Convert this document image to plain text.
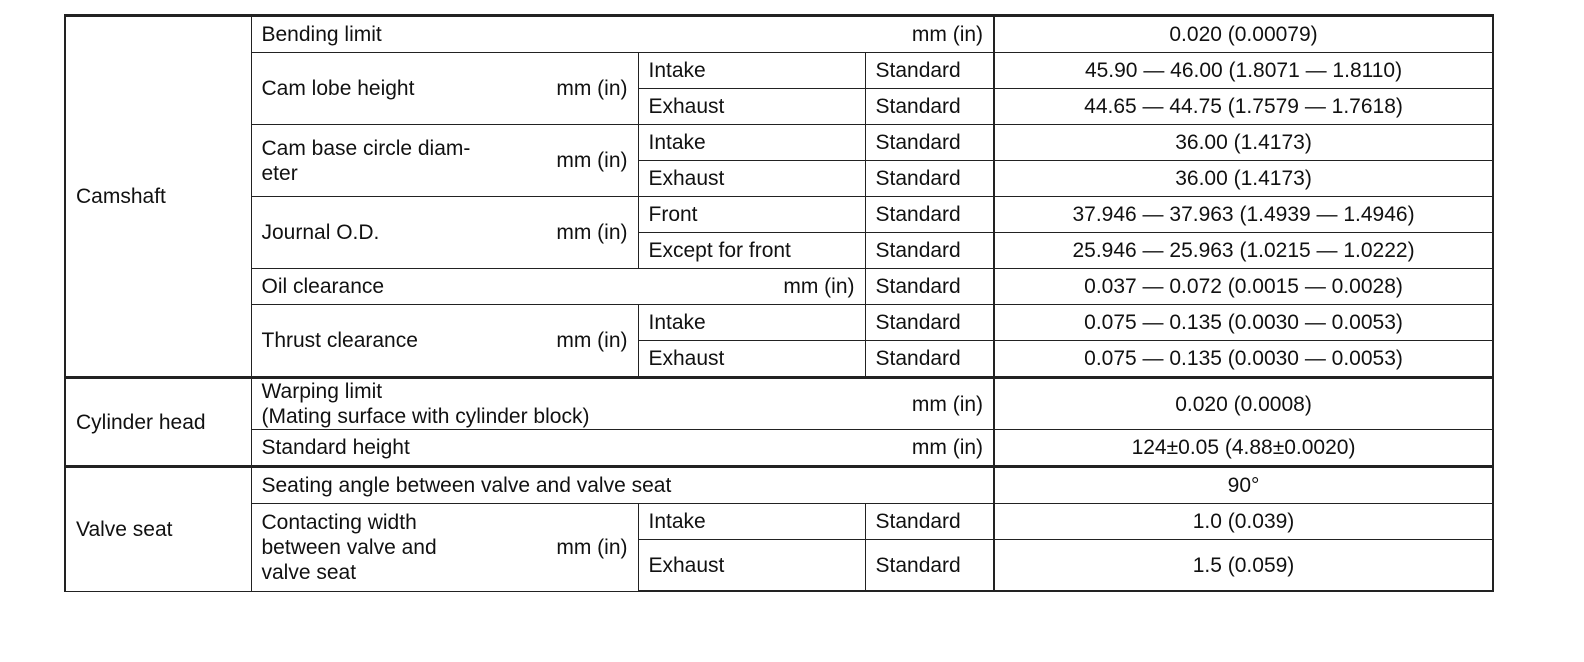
Camshaft	Bending limit mm (in)			0.020 (0.00079)

	Cam lobe height mm (in)	Intake	Standard	45.90 — 46.00 (1.8071 — 1.8110)
		Exhaust	Standard	44.65 — 44.75 (1.7579 — 1.7618)

	Cam base circle diam-
eter
mm (in)	Intake	Standard	36.00 (1.4173)
		Exhaust	Standard	36.00 (1.4173)

	Journal O.D. mm (in)	Front	Standard	37.946 — 37.963 (1.4939 — 1.4946)
		Except for front	Standard	25.946 — 25.963 (1.0215 — 1.0222)

	Oil clearance mm (in)		Standard	0.037 — 0.072 (0.0015 — 0.0028)

	Thrust clearance mm (in)	Intake	Standard	0.075 — 0.135 (0.0030 — 0.0053)
		Exhaust	Standard	0.075 — 0.135 (0.0030 — 0.0053)
Cylinder head	Warping limit
(Mating surface with cylinder block)
mm (in)			0.020 (0.0008)

	Standard height mm (in)			124±0.05 (4.88±0.0020)
Valve seat	Seating angle between valve and valve seat			90°

	Contacting width
between valve and
valve seat
mm (in)	Intake	Standard	1.0 (0.039)
		Exhaust	Standard	1.5 (0.059)
